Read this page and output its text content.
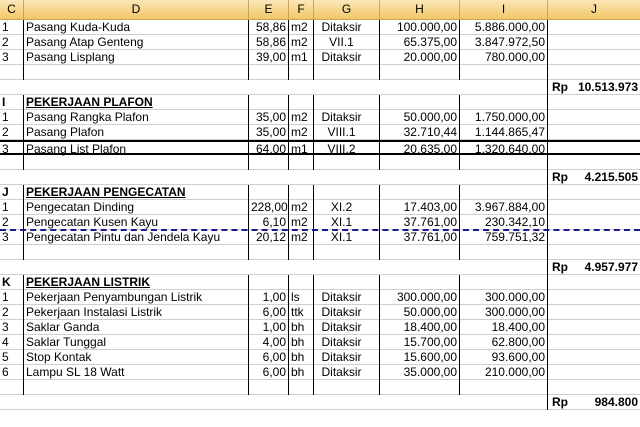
C	D	E	F	G	H	I	J
1	Pasang Kuda-Kuda	58,86 m2	Ditaksir	100.000,00	5.886.000,00
2	Pasang Atap Genteng	58,86 m2	VII.1	65.375,00	3.847.972,50
3	Pasang Lisplang	39,00 m1	Ditaksir	20.000,00	780.000,00
Rp 10.513.973
I	PEKERJAAN PLAFON
1	Pasang Rangka Plafon	35,00 m2	Ditaksir	50.000,00	1.750.000,00
2	Pasang Plafon	35,00 m2	VIII.1	32.710,44	1.144.865,47
3	Pasang List Plafon	64,00 m1	VIII.2	20.635,00	1.320.640,00
Rp	4.215.505
J	PEKERJAAN PENGECATAN
1	Pengecatan Dinding	228,00 m2	XI.2	17.403,00	3.967.884,00
2	Pengecatan Kusen Kayu	6,10 m2	XI.1	37.761,00	230.342,10
3	Pengecatan Pintu dan Jendela Kayu	20,12 m2	XI.1	37.761,00	759.751,32
Rp	4.957.977
K	PEKERJAAN LISTRIK
1	Pekerjaan Penyambungan Listrik	1,00 ls	Ditaksir	300.000,00	300.000,00
2	Pekerjaan Instalasi Listrik	6,00 ttk	Ditaksir	50.000,00	300.000,00
3	Saklar Ganda	1,00 bh	Ditaksir	18.400,00	18.400,00
4	Saklar Tunggal	4,00 bh	Ditaksir	15.700,00	62.800,00
5	Stop Kontak	6,00 bh	Ditaksir	15.600,00	93.600,00
6	Lampu SL 18 Watt	6,00 bh	Ditaksir	35.000,00	210.000,00
Rp	984.800
